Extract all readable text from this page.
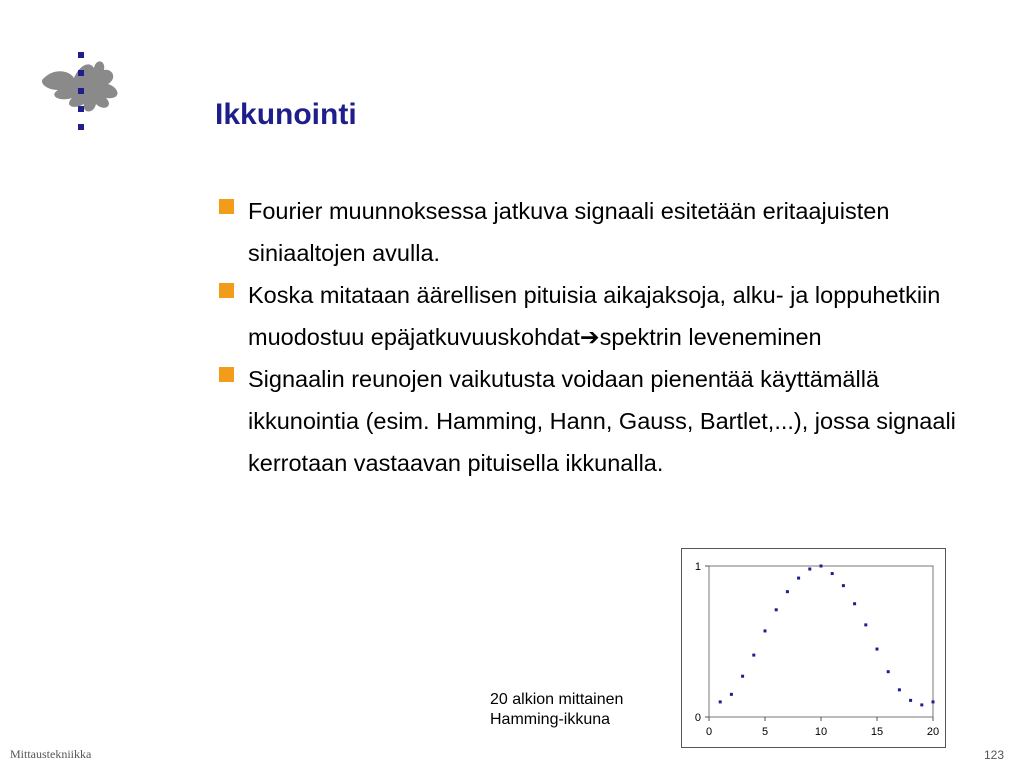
Ikkunointi
Fourier muunnoksessa jatkuva signaali esitetään eritaajuisten siniaaltojen avulla.
Koska mitataan äärellisen pituisia aikajaksoja, alku- ja loppuhetkiin muodostuu epäjatkuvuuskohdat➔spektrin leveneminen
Signaalin reunojen vaikutusta voidaan pienentää käyttämällä ikkunointia (esim. Hamming, Hann, Gauss, Bartlet,...), jossa signaali kerrotaan vastaavan pituisella ikkunalla.
0
1
0	5	10	15	20
20 alkion mittainen
Hamming-ikkuna
Mittaustekniikka	123
